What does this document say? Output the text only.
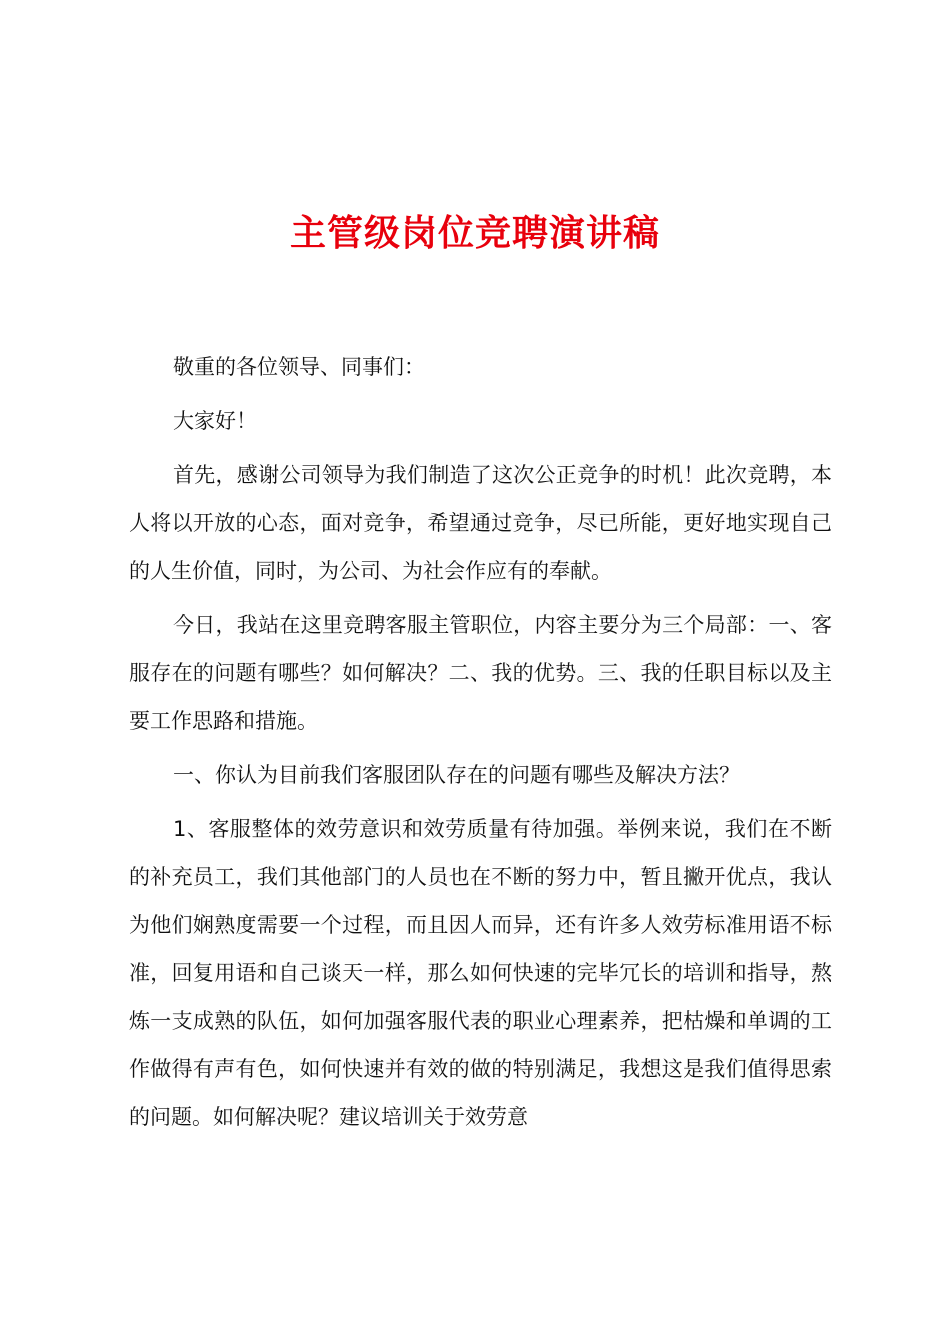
主管级岗位竞聘演讲稿

敬重的各位领导、同事们：

大家好！

首先，感谢公司领导为我们制造了这次公正竞争的时机！此次竞聘，本人将以开放的心态，面对竞争，希望通过竞争，尽已所能，更好地实现自己的人生价值，同时，为公司、为社会作应有的奉献。

今日，我站在这里竞聘客服主管职位，内容主要分为三个局部：一、客服存在的问题有哪些？如何解决？二、我的优势。三、我的任职目标以及主要工作思路和措施。

一、你认为目前我们客服团队存在的问题有哪些及解决方法？

1、客服整体的效劳意识和效劳质量有待加强。举例来说，我们在不断的补充员工，我们其他部门的人员也在不断的努力中，暂且撇开优点，我认为他们娴熟度需要一个过程，而且因人而异，还有许多人效劳标准用语不标准，回复用语和自己谈天一样，那么如何快速的完毕冗长的培训和指导，熬炼一支成熟的队伍，如何加强客服代表的职业心理素养，把枯燥和单调的工作做得有声有色，如何快速并有效的做的特别满足，我想这是我们值得思索的问题。如何解决呢？建议培训关于效劳意
